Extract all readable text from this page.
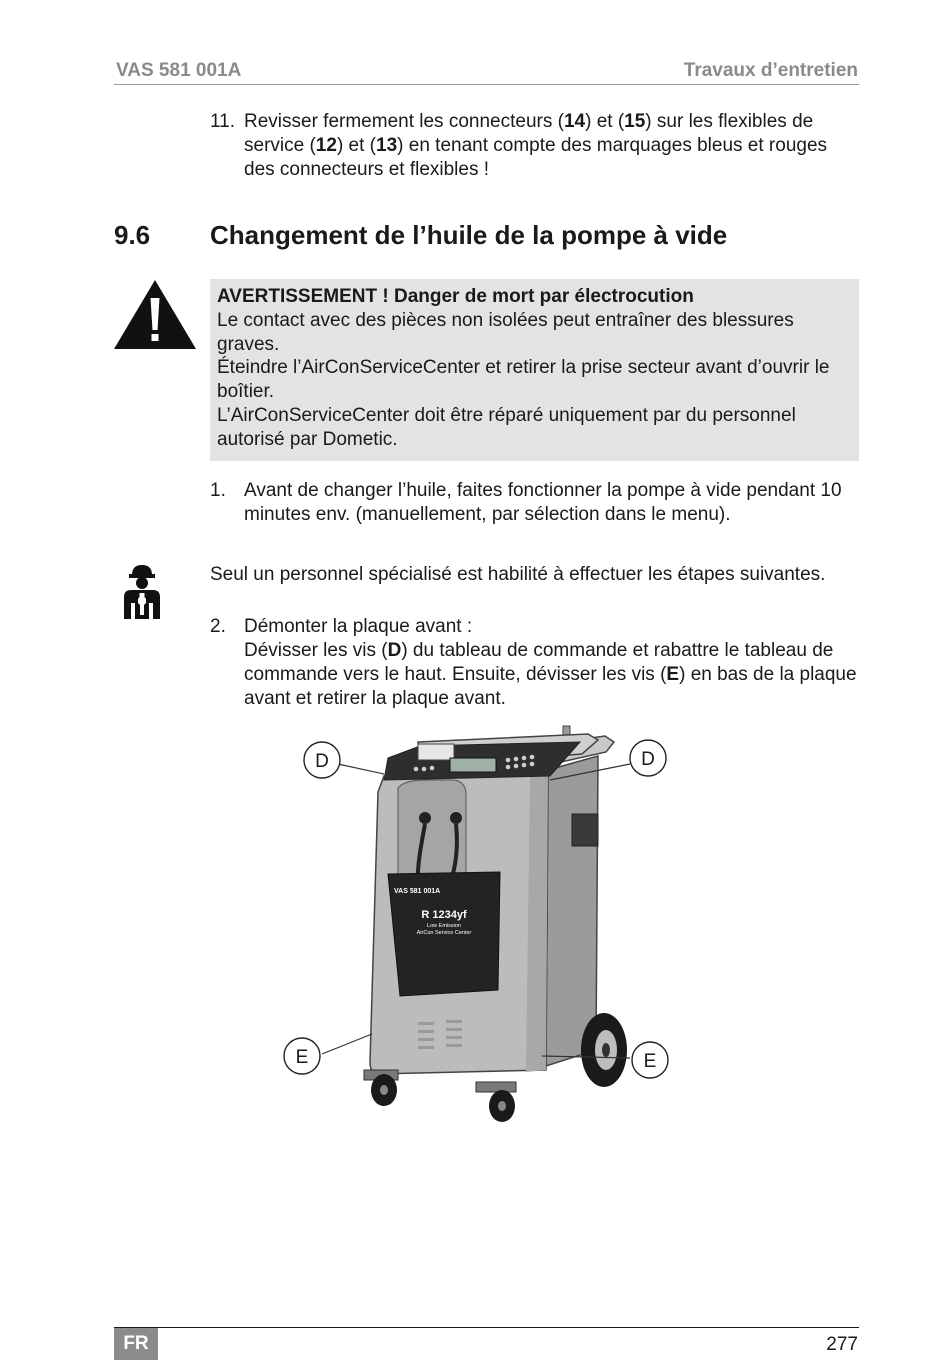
VAS 581 001A	Travaux d’entretien
11. Revisser fermement les connecteurs (14) et (15) sur les flexibles de service (12) et (13) en tenant compte des marquages bleus et rouges des connecteurs et flexibles !
9.6 Changement de l’huile de la pompe à vide

AVERTISSEMENT ! Danger de mort par électrocution

Le contact avec des pièces non isolées peut entraîner des blessures graves.

Éteindre l’AirConServiceCenter et retirer la prise secteur avant d’ouvrir le boîtier.

L’AirConServiceCenter doit être réparé uniquement par du personnel autorisé par Dometic.

1. Avant de changer l’huile, faites fonctionner la pompe à vide pendant 10 minutes env. (manuellement, par sélection dans le menu).
Seul un personnel spécialisé est habilité à effectuer les étapes suivantes.
2. Démonter la plaque avant :
Dévisser les vis (D) du tableau de commande et rabattre le tableau de commande vers le haut. Ensuite, dévisser les vis (E) en bas de la plaque avant et retirer la plaque avant.
VAS 581 001A
R 1234yf
Low Emission
AirCon Service Center
D	D
E	E
FR	277
